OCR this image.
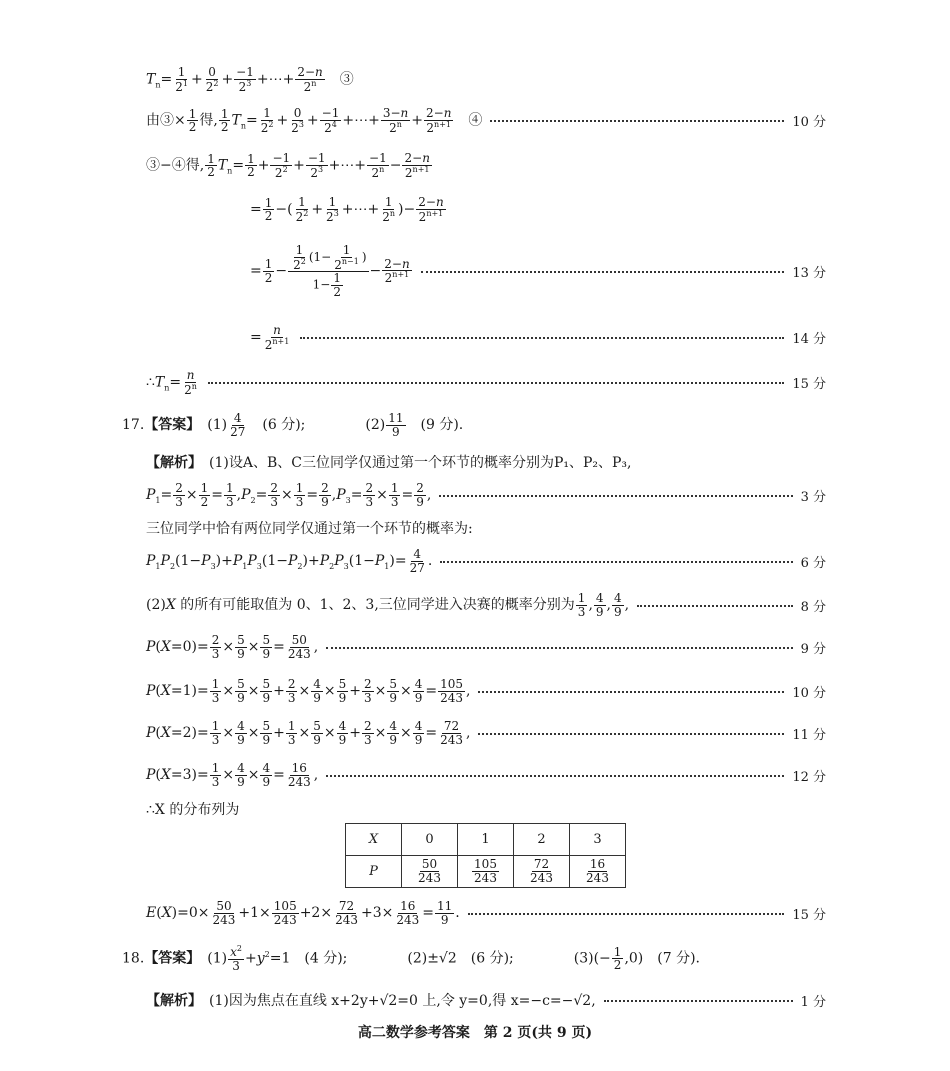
$T_n= \frac{1}{2^1} + \frac{0}{2^2} + \frac{-1}{2^3}$ +⋯+ $\frac{2-n}{2^n}$ 　③
由③× $\frac{1}{2}$ 得, $\frac{1}{2} T_n= \frac{1}{2^2} + \frac{0}{2^3} + \frac{-1}{2^4}$ +⋯+ $\frac{3-n}{2^n} + \frac{2-n}{2^{n+1}}$ 　④	10 分
③−④得, $\frac{1}{2} T_n= \frac{1}{2} + \frac{-1}{2^2} + \frac{-1}{2^3}$ +⋯+ $\frac{-1}{2^n} - \frac{2-n}{2^{n+1}}$
= $\frac{1}{2}$ −( $\frac{1}{2^2} + \frac{1}{2^3}$ +⋯+ $\frac{1}{2^n}$ )− $\frac{2-n}{2^{n+1}}$
= $\frac{1}{2} - \frac{\frac{1}{2^2} (1- \frac{1}{2^{n-1}} )}{1- \frac{1}{2}} - \frac{2-n}{2^{n+1}}$	13 分
= $\frac{n}{2^{n+1}}$	14 分
$\therefore T_n= \frac{n}{2^n}$	15 分
17.【答案】　$(1) \frac{4}{27}$ 　(6 分);	$(2) \frac{11}{9}$ 　(9 分).
【解析】　 (1)设A、B、C三位同学仅通过第一个环节的概率分别为P₁、P₂、P₃,
$P_1= \frac{2}{3} \times \frac{1}{2} = \frac{1}{3} ,P_2= \frac{2}{3} \times \frac{1}{3} = \frac{2}{9} ,P_3= \frac{2}{3} \times \frac{1}{3} = \frac{2}{9}$ ,	3 分
三位同学中恰有两位同学仅通过第一个环节的概率为:
$P_1P_2(1-P_3)+P_1P_3(1-P_2)+P_2P_3(1-P_1)= \frac{4}{27}$ .	6 分
(2)X 的所有可能取值为 0、1、2、3,三位同学进入决赛的概率分别为 $\frac{1}{3}$ , $\frac{4}{9}$ , $\frac{4}{9}$ ,	8 分
$P(X=0)= \frac{2}{3} \times \frac{5}{9} \times \frac{5}{9} = \frac{50}{243}$ ,	9 分
$P(X=1)= \frac{1}{3} \times \frac{5}{9} \times \frac{5}{9} + \frac{2}{3} \times \frac{4}{9} \times \frac{5}{9} + \frac{2}{3} \times \frac{5}{9} \times \frac{4}{9} = \frac{105}{243}$ ,	10 分
$P(X=2)= \frac{1}{3} \times \frac{4}{9} \times \frac{5}{9} + \frac{1}{3} \times \frac{5}{9} \times \frac{4}{9} + \frac{2}{3} \times \frac{4}{9} \times \frac{4}{9} = \frac{72}{243}$ ,	11 分
$P(X=3)= \frac{1}{3} \times \frac{4}{9} \times \frac{4}{9} = \frac{16}{243}$ ,	12 分
∴X 的分布列为
X	0	1	2	3
P	$\frac{50}{243}$	$\frac{105}{243}$	$\frac{72}{243}$	$\frac{16}{243}$
$E(X)=0\times \frac{50}{243} +1\times \frac{105}{243} +2\times \frac{72}{243} +3\times \frac{16}{243} = \frac{11}{9}$ .	15 分
18.【答案】　$(1) \frac{x^2}{3} +y^2=1$　(4 分);	(2)±√2　(6 分);	$(3)(- \frac{1}{2} ,0)$　(7 分).
【解析】　 (1)因为焦点在直线 x+2y+√2=0 上,令 y=0,得 x=−c=−√2,	1 分
高二数学参考答案　第 2 页(共 9 页)
